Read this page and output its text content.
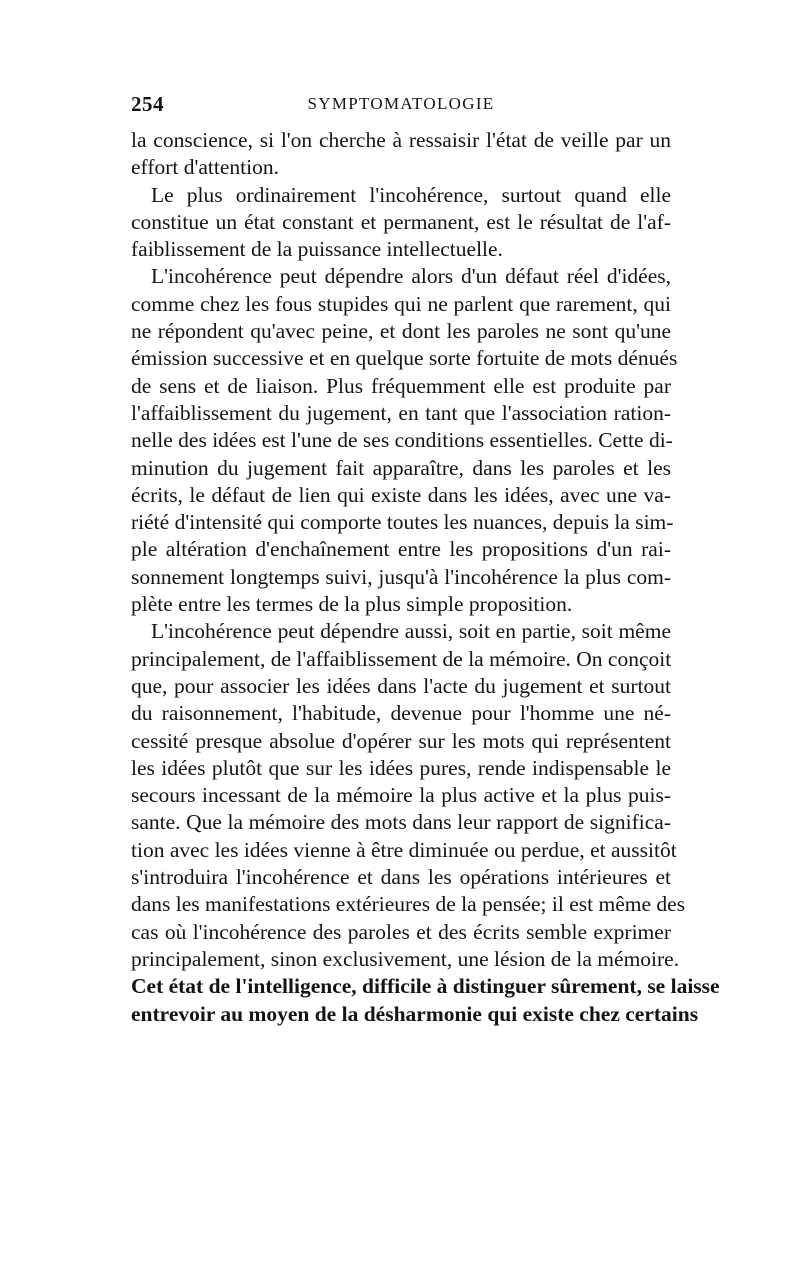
254	SYMPTOMATOLOGIE
la conscience, si l'on cherche à ressaisir l'état de veille par un
effort d'attention.
Le plus ordinairement l'incohérence, surtout quand elle
constitue un état constant et permanent, est le résultat de l'af-
faiblissement de la puissance intellectuelle.
L'incohérence peut dépendre alors d'un défaut réel d'idées,
comme chez les fous stupides qui ne parlent que rarement, qui
ne répondent qu'avec peine, et dont les paroles ne sont qu'une
émission successive et en quelque sorte fortuite de mots dénués
de sens et de liaison. Plus fréquemment elle est produite par
l'affaiblissement du jugement, en tant que l'association ration-
nelle des idées est l'une de ses conditions essentielles. Cette di-
minution du jugement fait apparaître, dans les paroles et les
écrits, le défaut de lien qui existe dans les idées, avec une va-
riété d'intensité qui comporte toutes les nuances, depuis la sim-
ple altération d'enchaînement entre les propositions d'un rai-
sonnement longtemps suivi, jusqu'à l'incohérence la plus com-
plète entre les termes de la plus simple proposition.
L'incohérence peut dépendre aussi, soit en partie, soit même
principalement, de l'affaiblissement de la mémoire. On conçoit
que, pour associer les idées dans l'acte du jugement et surtout
du raisonnement, l'habitude, devenue pour l'homme une né-
cessité presque absolue d'opérer sur les mots qui représentent
les idées plutôt que sur les idées pures, rende indispensable le
secours incessant de la mémoire la plus active et la plus puis-
sante. Que la mémoire des mots dans leur rapport de significa-
tion avec les idées vienne à être diminuée ou perdue, et aussitôt
s'introduira l'incohérence et dans les opérations intérieures et
dans les manifestations extérieures de la pensée; il est même des
cas où l'incohérence des paroles et des écrits semble exprimer
principalement, sinon exclusivement, une lésion de la mémoire.
Cet état de l'intelligence, difficile à distinguer sûrement, se laisse
entrevoir au moyen de la désharmonie qui existe chez certains
